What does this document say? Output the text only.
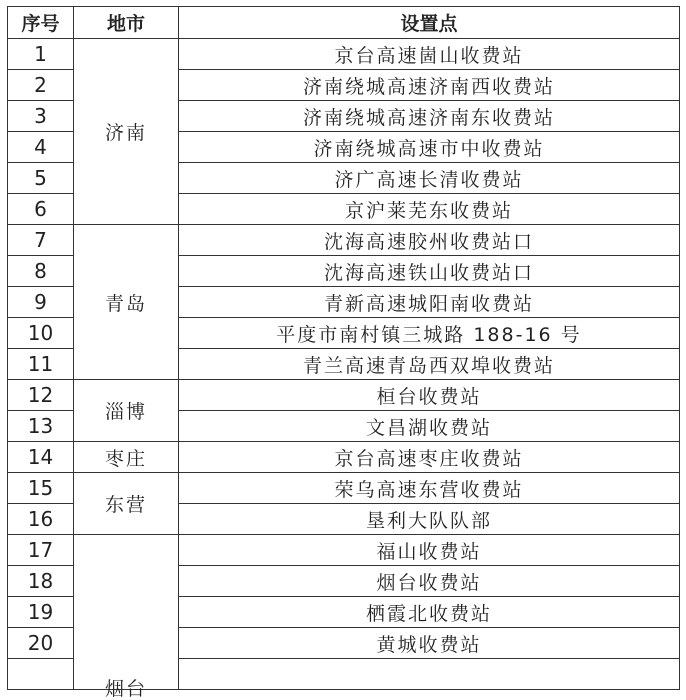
序号	地市	设置点
1	济南	京台高速崮山收费站
2		济南绕城高速济南西收费站
3		济南绕城高速济南东收费站
4		济南绕城高速市中收费站
5		济广高速长清收费站
6		京沪莱芜东收费站
7	青岛	沈海高速胶州收费站口
8		沈海高速铁山收费站口
9		青新高速城阳南收费站
10		平度市南村镇三城路 188-16 号
11		青兰高速青岛西双埠收费站
12	淄博	桓台收费站
13		文昌湖收费站
14	枣庄	京台高速枣庄收费站
15	东营	荣乌高速东营收费站
16		垦利大队队部
17	烟台	福山收费站
18		烟台收费站
19		栖霞北收费站
20		黄城收费站
